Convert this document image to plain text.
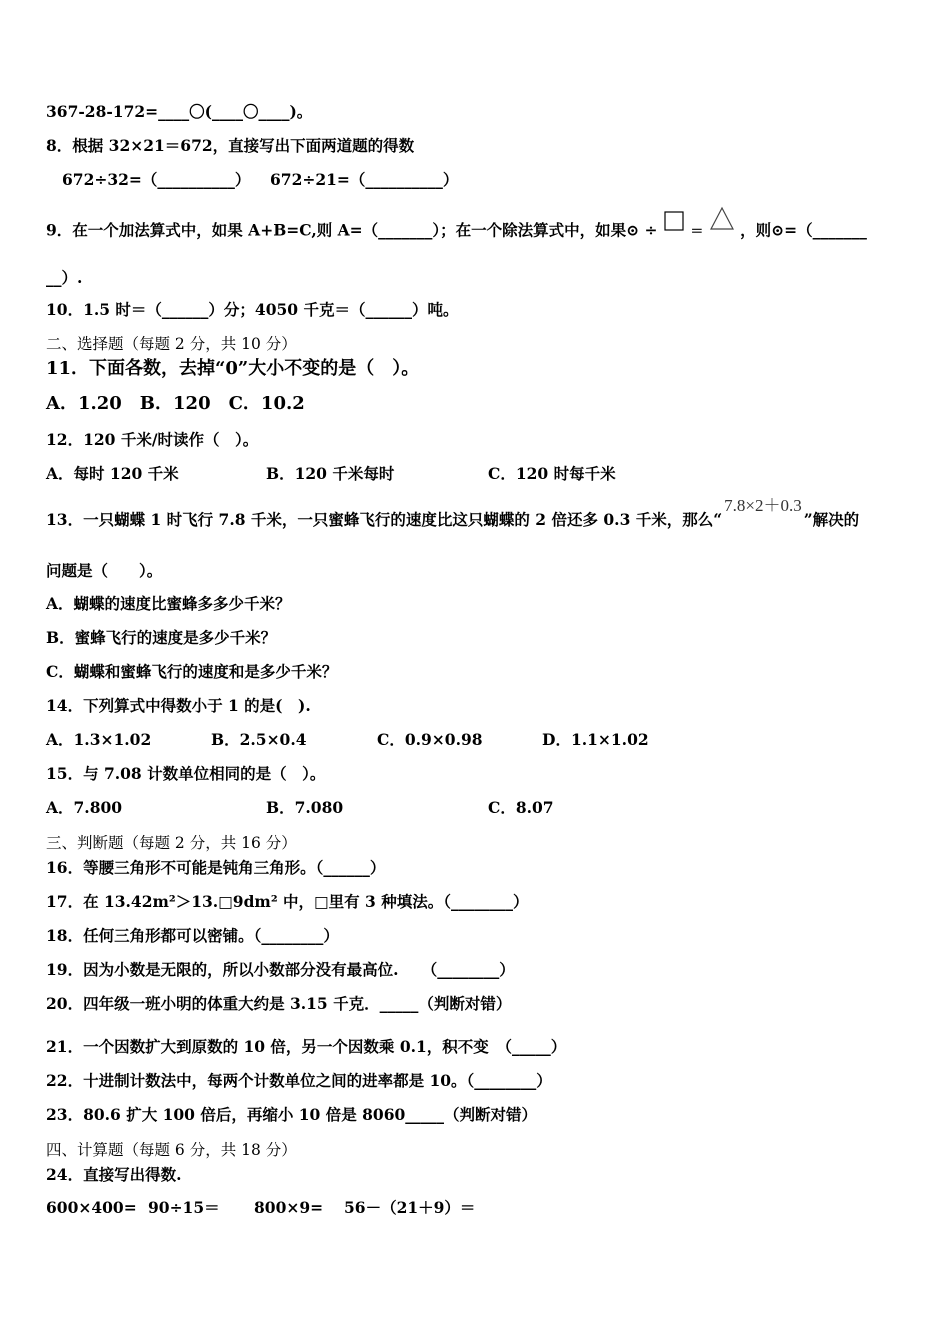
367-28-172=____〇(____〇____)。
8．根据 32×21＝672，直接写出下面两道题的得数
672÷32=（__________） 672÷21=（__________）
9．在一个加法算式中，如果 A+B=C,则 A=（_______）；在一个除法算式中，如果⊙ ÷	＝ ，则⊙=（_______
__）.
10．1.5 时＝（______）分；4050 千克＝（______）吨。
二、选择题（每题 2 分，共 10 分）
11．下面各数，去掉“0”大小不变的是（　）。
A．1.20　B．120　C．10.2
12．120 千米/时读作（　）。
A．每时 120 千米	B．120 千米每时	C．120 时每千米
13．一只蝴蝶 1 时飞行 7.8 千米，一只蜜蜂飞行的速度比这只蝴蝶的 2 倍还多 0.3 千米，那么“7.8×2＋0.3”解决的
问题是（　　）。
A．蝴蝶的速度比蜜蜂多多少千米？
B．蜜蜂飞行的速度是多少千米？
C．蝴蝶和蜜蜂飞行的速度和是多少千米？
14．下列算式中得数小于 1 的是(　).
A．1.3×1.02	B．2.5×0.4	C．0.9×0.98	D．1.1×1.02
15．与 7.08 计数单位相同的是（　）。
A．7.800	B．7.080	C．8.07
三、判断题（每题 2 分，共 16 分）
16．等腰三角形不可能是钝角三角形。（______）
17．在 13.42m²＞13.□9dm² 中，□里有 3 种填法。（________）
18．任何三角形都可以密铺。（________）
19．因为小数是无限的，所以小数部分没有最高位.　　（________）
20．四年级一班小明的体重大约是 3.15 千克．_____（判断对错）
21．一个因数扩大到原数的 10 倍，另一个因数乘 0.1，积不变　（_____）
22．十进制计数法中，每两个计数单位之间的进率都是 10。（________）
23．80.6 扩大 100 倍后，再缩小 10 倍是 8060_____（判断对错）
四、计算题（每题 6 分，共 18 分）
24．直接写出得数.
600×400= 90÷15＝ 800×9= 56－（21＋9）＝
